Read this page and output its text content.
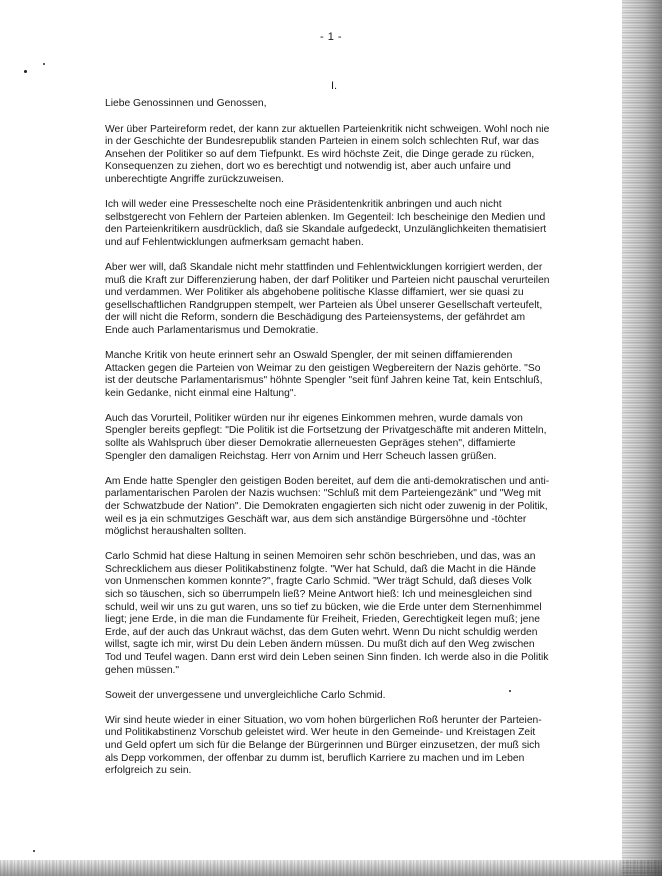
- 1 -
I.

Liebe Genossinnen und Genossen,

Wer über Parteireform redet, der kann zur aktuellen Parteienkritik nicht schweigen. Wohl noch nie in der Geschichte der Bundesrepublik standen Parteien in einem solch schlechten Ruf, war das Ansehen der Politiker so auf dem Tiefpunkt. Es wird höchste Zeit, die Dinge gerade zu rücken, Konsequenzen zu ziehen, dort wo es berechtigt und notwendig ist, aber auch unfaire und unberechtigte Angriffe zurückzuweisen.

Ich will weder eine Presseschelte noch eine Präsidentenkritik anbringen und auch nicht selbstgerecht von Fehlern der Parteien ablenken. Im Gegenteil: Ich bescheinige den Medien und den Parteienkritikern ausdrücklich, daß sie Skandale aufgedeckt, Unzulänglichkeiten thematisiert und auf Fehlentwicklungen aufmerksam gemacht haben.

Aber wer will, daß Skandale nicht mehr stattfinden und Fehlentwicklungen korrigiert werden, der muß die Kraft zur Differenzierung haben, der darf Politiker und Parteien nicht pauschal verurteilen und verdammen. Wer Politiker als abgehobene politische Klasse diffamiert, wer sie quasi zu gesellschaftlichen Randgruppen stempelt, wer Parteien als Übel unserer Gesellschaft verteufelt, der will nicht die Reform, sondern die Beschädigung des Parteiensystems, der gefährdet am Ende auch Parlamentarismus und Demokratie.

Manche Kritik von heute erinnert sehr an Oswald Spengler, der mit seinen diffamierenden Attacken gegen die Parteien von Weimar zu den geistigen Wegbereitern der Nazis gehörte. "So ist der deutsche Parlamentarismus" höhnte Spengler "seit fünf Jahren keine Tat, kein Entschluß, kein Gedanke, nicht einmal eine Haltung".

Auch das Vorurteil, Politiker würden nur ihr eigenes Einkommen mehren, wurde damals von Spengler bereits gepflegt: "Die Politik ist die Fortsetzung der Privatgeschäfte mit anderen Mitteln, sollte als Wahlspruch über dieser Demokratie allerneuesten Gepräges stehen", diffamierte Spengler den damaligen Reichstag. Herr von Arnim und Herr Scheuch lassen grüßen.

Am Ende hatte Spengler den geistigen Boden bereitet, auf dem die anti-demokratischen und anti-parlamentarischen Parolen der Nazis wuchsen: "Schluß mit dem Parteiengezänk" und "Weg mit der Schwatzbude der Nation". Die Demokraten engagierten sich nicht oder zuwenig in der Politik, weil es ja ein schmutziges Geschäft war, aus dem sich anständige Bürgersöhne und -töchter möglichst heraushalten sollten.

Carlo Schmid hat diese Haltung in seinen Memoiren sehr schön beschrieben, und das, was an Schrecklichem aus dieser Politikabstinenz folgte. "Wer hat Schuld, daß die Macht in die Hände von Unmenschen kommen konnte?", fragte Carlo Schmid. "Wer trägt Schuld, daß dieses Volk sich so täuschen, sich so überrumpeln ließ? Meine Antwort hieß: Ich und meinesgleichen sind schuld, weil wir uns zu gut waren, uns so tief zu bücken, wie die Erde unter dem Sternenhimmel liegt; jene Erde, in die man die Fundamente für Freiheit, Frieden, Gerechtigkeit legen muß; jene Erde, auf der auch das Unkraut wächst, das dem Guten wehrt. Wenn Du nicht schuldig werden willst, sagte ich mir, wirst Du dein Leben ändern müssen. Du mußt dich auf den Weg zwischen Tod und Teufel wagen. Dann erst wird dein Leben seinen Sinn finden. Ich werde also in die Politik gehen müssen."

Soweit der unvergessene und unvergleichliche Carlo Schmid.

Wir sind heute wieder in einer Situation, wo vom hohen bürgerlichen Roß herunter der Parteien- und Politikabstinenz Vorschub geleistet wird. Wer heute in den Gemeinde- und Kreistagen Zeit und Geld opfert um sich für die Belange der Bürgerinnen und Bürger einzusetzen, der muß sich als Depp vorkommen, der offenbar zu dumm ist, beruflich Karriere zu machen und im Leben erfolgreich zu sein.
